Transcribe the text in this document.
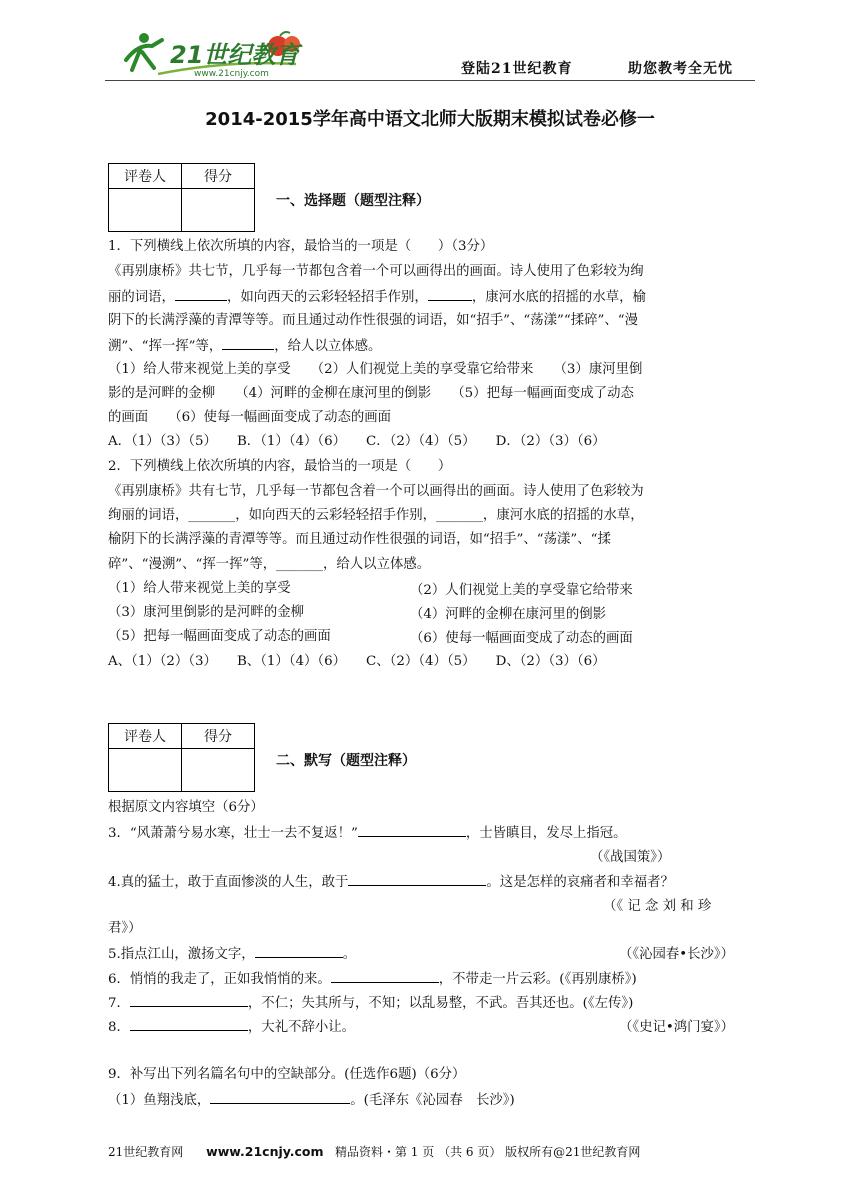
21世纪教育
www.21cnjy.com	登陆21世纪教育	助您教考全无忧
2014-2015学年高中语文北师大版期末模拟试卷必修一
评卷人	得分

一、选择题（题型注释）
1．下列横线上依次所填的内容，最恰当的一项是（　　）（3分）
《再别康桥》共七节，几乎每一节都包含着一个可以画得出的画面。诗人使用了色彩较为绚
丽的词语，	，如向西天的云彩轻轻招手作别，	，康河水底的招摇的水草，榆
阴下的长满浮藻的青潭等等。而且通过动作性很强的词语，如“招手”、“荡漾”“揉碎”、“漫
溯”、“挥一挥”等，	，给人以立体感。
（1）给人带来视觉上美的享受　　（2）人们视觉上美的享受靠它给带来　　（3）康河里倒
影的是河畔的金柳　　（4）河畔的金柳在康河里的倒影　　（5）把每一幅画面变成了动态
的画面　　（6）使每一幅画面变成了动态的画面
A．（1）（3）（5）　　B．（1）（4）（6）　　C．（2）（4）（5）　　D．（2）（3）（6）
2．下列横线上依次所填的内容，最恰当的一项是（　　）
《再别康桥》共有七节，几乎每一节都包含着一个可以画得出的画面。诗人使用了色彩较为
绚丽的词语，_______，如向西天的云彩轻轻招手作别，_______，康河水底的招摇的水草，
榆阴下的长满浮藻的青潭等等。而且通过动作性很强的词语，如“招手”、“荡漾”、“揉
碎”、“漫溯”、“挥一挥”等，_______，给人以立体感。
（1）给人带来视觉上美的享受	（2）人们视觉上美的享受靠它给带来
（3）康河里倒影的是河畔的金柳	（4）河畔的金柳在康河里的倒影
（5）把每一幅画面变成了动态的画面	（6）使每一幅画面变成了动态的画面
A、（1）（2）（3）　　B、（1）（4）（6）　　C、（2）（4）（5）　　D、（2）（3）（6）
评卷人	得分

二、默写（题型注释）
根据原文内容填空（6分）
3．“风萧萧兮易水寒，壮士一去不复返！”	，士皆瞋目，发尽上指冠。
（《战国策》）
4.真的猛士，敢于直面惨淡的人生，敢于	。这是怎样的哀痛者和幸福者？
（《 记 念 刘 和 珍
君》）
5.指点江山，激扬文字，	。	（《沁园春•长沙》）
6．悄悄的我走了，正如我悄悄的来。	，不带走一片云彩。(《再别康桥》)
7．	，不仁；失其所与，不知；以乱易整，不武。吾其还也。(《左传》)
8．	，大礼不辞小让。	（《史记•鸿门宴》）
9．补写出下列名篇名句中的空缺部分。(任选作6题)（6分）
（1）鱼翔浅底，	。(毛泽东《沁园春　长沙》)
21世纪教育网 www.21cnjy.com 精品资料・第 1 页 （共 6 页） 版权所有@21世纪教育网
